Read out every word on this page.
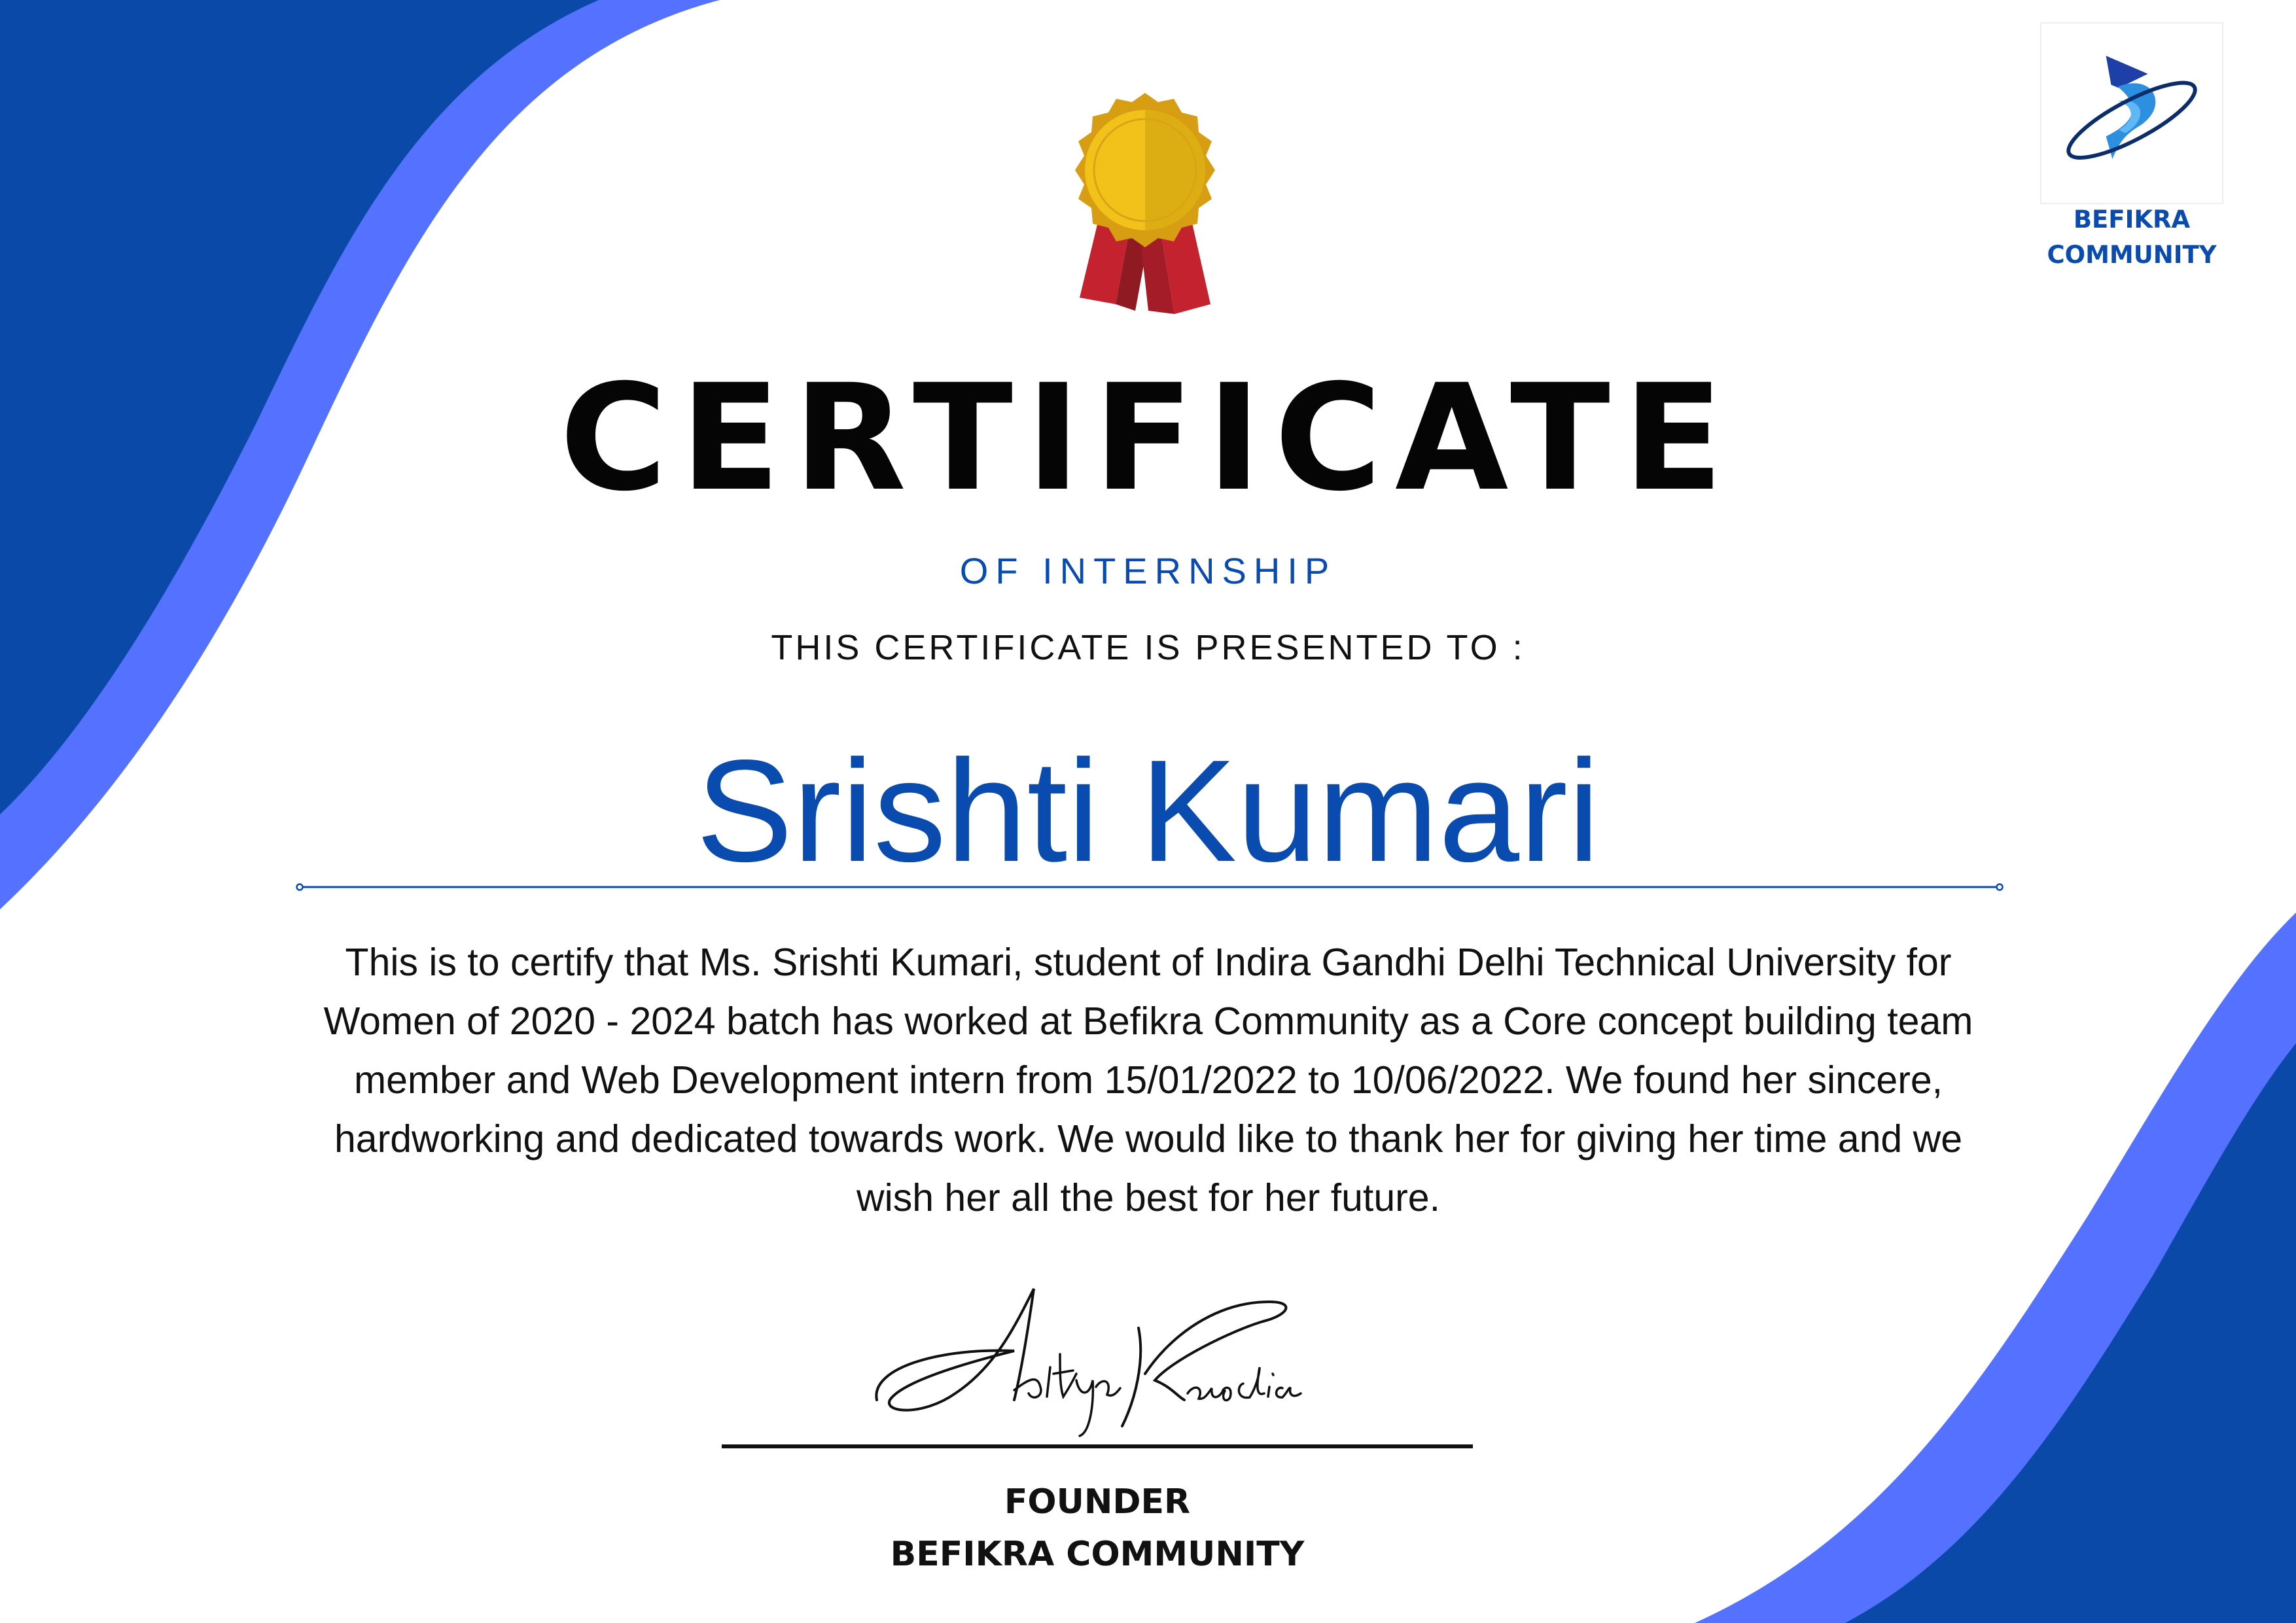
BEFIKRA
COMMUNITY
CERTIFICATE
OF INTERNSHIP
THIS CERTIFICATE IS PRESENTED TO :
Srishti Kumari
This is to certify that Ms. Srishti Kumari, student of Indira Gandhi Delhi Technical University for Women of 2020 - 2024 batch has worked at Befikra Community as a Core concept building team member and Web Development intern from 15/01/2022 to 10/06/2022. We found her sincere, hardworking and dedicated towards work. We would like to thank her for giving her time and we wish her all the best for her future.
FOUNDER
BEFIKRA COMMUNITY
